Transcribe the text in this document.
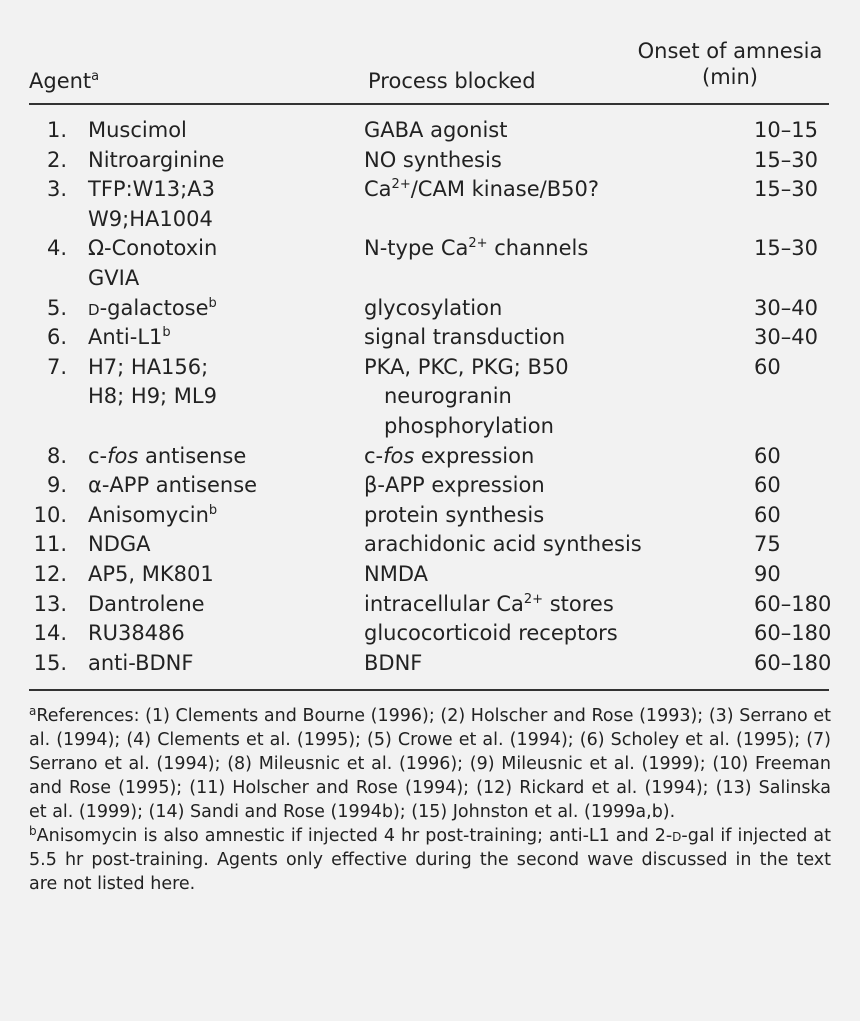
Agent$^a$	Process blocked
Onset of amnesia
(min)
1.	Muscimol	GABA agonist	10–15
2.	Nitroarginine	NO synthesis	15–30
3.	TFP:W13;A3
W9;HA1004	$Ca^{2+}$/CAM kinase/B50?	15–30
4.	Ω-Conotoxin
GVIA	N-type $Ca^{2+}$ channels	15–30
5.	d-galactose$^b$	glycosylation	30–40
6.	Anti-L1$^b$	signal transduction	30–40
7.	H7; HA156;
H8; H9; ML9	PKA, PKC, PKG; B50
neurogranin
phosphorylation	60
8.	c-fos antisense	c-fos expression	60
9.	α-APP antisense	β-APP expression	60
10.	Anisomycin$^b$	protein synthesis	60
11.	NDGA	arachidonic acid synthesis	75
12.	AP5, MK801	NMDA	90
13.	Dantrolene	intracellular $Ca^{2+}$ stores	60–180
14.	RU38486	glucocorticoid receptors	60–180
15.	anti-BDNF	BDNF	60–180

$^a$References: (1) Clements and Bourne (1996); (2) Holscher and Rose (1993); (3) Serrano et al. (1994); (4) Clements et al. (1995); (5) Crowe et al. (1994); (6) Scholey et al. (1995); (7) Serrano et al. (1994); (8) Mileusnic et al. (1996); (9) Mileusnic et al. (1999); (10) Freeman and Rose (1995); (11) Holscher and Rose (1994); (12) Rickard et al. (1994); (13) Salinska et al. (1999); (14) Sandi and Rose (1994b); (15) Johnston et al. (1999a,b).

$^b$Anisomycin is also amnestic if injected 4 hr post-training; anti-L1 and 2-d-gal if injected at 5.5 hr post-training. Agents only effective during the second wave discussed in the text are not listed here.
